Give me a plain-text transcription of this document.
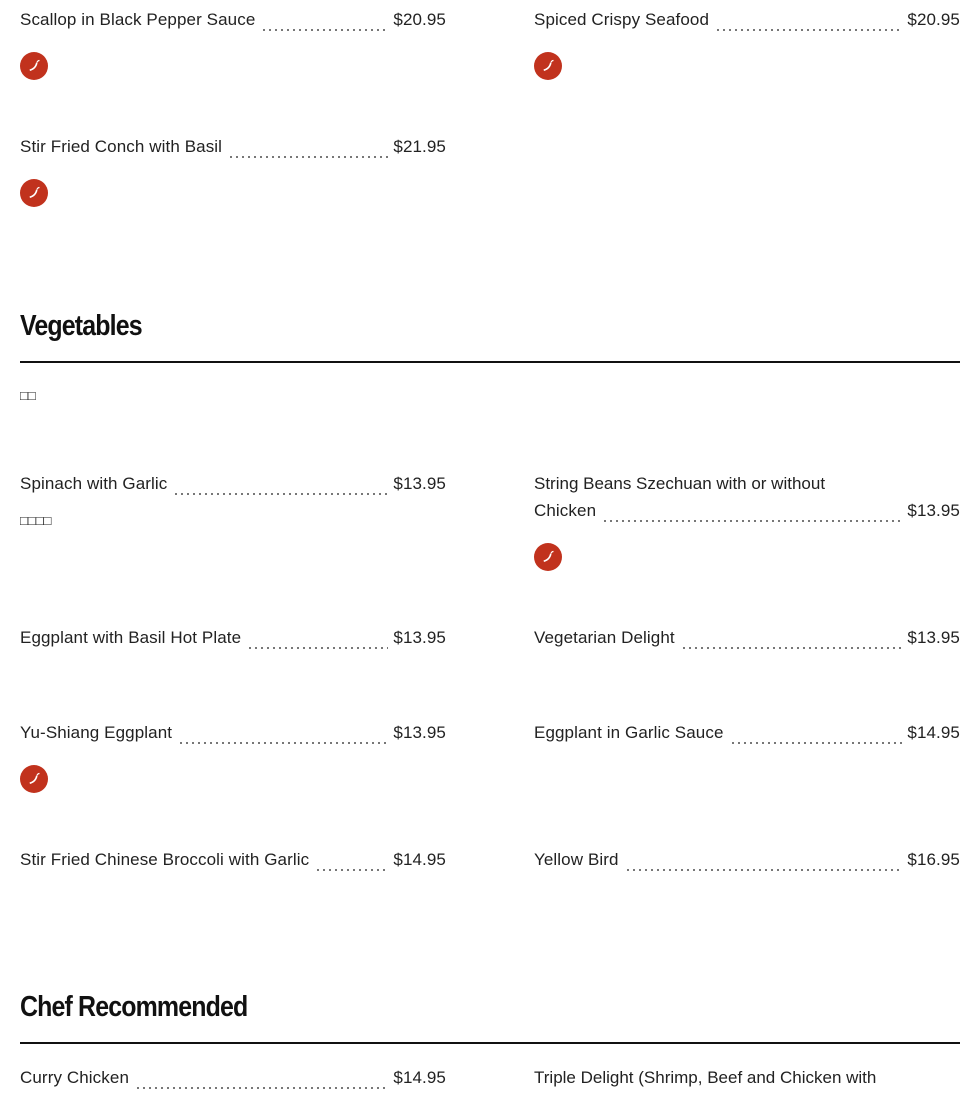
Scallop in Black Pepper Sauce	$20.95	Spiced Crispy Seafood	$20.95
Stir Fried Conch with Basil	$21.95
Vegetables
□□
Spinach with Garlic	$13.95
□□□□
String Beans Szechuan with or without
Chicken	$13.95
Eggplant with Basil Hot Plate	$13.95	Vegetarian Delight	$13.95
Yu-Shiang Eggplant	$13.95	Eggplant in Garlic Sauce	$14.95
Stir Fried Chinese Broccoli with Garlic	$14.95	Yellow Bird	$16.95
Chef Recommended
Curry Chicken	$14.95	Triple Delight (Shrimp, Beef and Chicken with
